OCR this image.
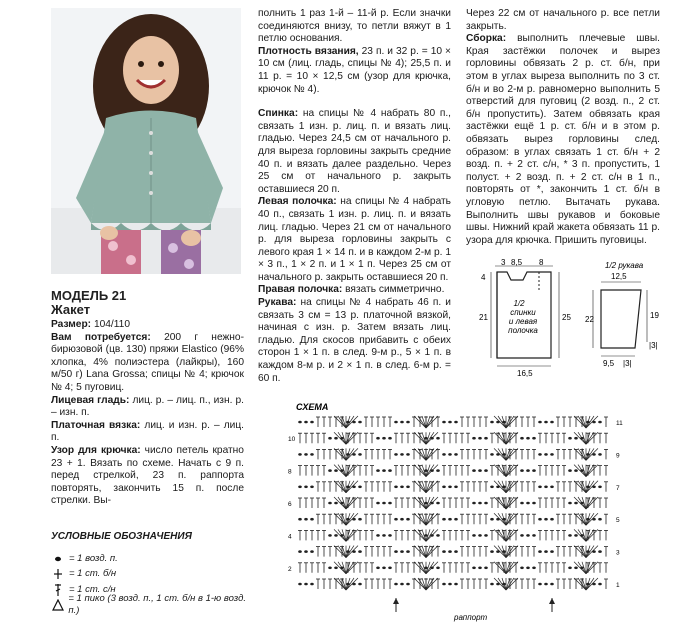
МОДЕЛЬ 21
Жакет

Размер: 104/110

Вам потребуется: 200 г нежно-бирюзовой (цв. 130) пряжи Elastico (96% хлопка, 4% полиэстера (лайкры), 160 м/50 г) Lana Grossa; спицы № 4; крючок № 4; 5 пуговиц.

Лицевая гладь: лиц. р. – лиц. п., изн. р. – изн. п.

Платочная вязка: лиц. и изн. р. – лиц. п.

Узор для крючка: число петель кратно 23 + 1. Вязать по схеме. Начать с 9 п. перед стрелкой, 23 п. раппорта повторять, закончить 15 п. после стрелки. Вы-

полнить 1 раз 1-й – 11-й р. Если значки соединяются внизу, то петли вяжут в 1 петлю основания.

Плотность вязания, 23 п. и 32 р. = 10 × 10 см (лиц. гладь, спицы № 4); 25,5 п. и 11 р. = 10 × 12,5 см (узор для крючка, крючок № 4).

Спинка: на спицы № 4 набрать 80 п., связать 1 изн. р. лиц. п. и вязать лиц. гладью. Через 24,5 см от начального р. для выреза горловины закрыть средние 40 п. и вязать далее раздельно. Через 25 см от начального р. закрыть оставшиеся 20 п.

Левая полочка: на спицы № 4 набрать 40 п., связать 1 изн. р. лиц. п. и вязать лиц. гладью. Через 21 см от начального р. для выреза горловины закрыть с левого края 1 × 14 п. и в каждом 2-м р. 1 × 3 п., 1 × 2 п. и 1 × 1 п. Через 25 см от начального р. закрыть оставшиеся 20 п.

Правая полочка: вязать симметрично.

Рукава: на спицы № 4 набрать 46 п. и связать 3 см = 13 р. платочной вязкой, начиная с изн. р. Затем вязать лиц. гладью. Для скосов прибавить с обеих сторон 1 × 1 п. в след. 9-м р., 5 × 1 п. в каждом 8-м р. и 2 × 1 п. в след. 6-м р. = 60 п.

Через 22 см от начального р. все петли закрыть.

Сборка: выполнить плечевые швы. Края застёжки полочек и вырез горловины обвязать 2 р. ст. б/н, при этом в углах выреза выполнить по 3 ст. б/н и во 2-м р. равномерно выполнить 5 отверстий для пуговиц (2 возд. п., 2 ст. б/н пропустить). Затем обвязать края застёжки ещё 1 р. ст. б/н и в этом р. обвязать вырез горловины след. образом: в углах связать 1 ст. б/н + 2 возд. п. + 2 ст. с/н, * 3 п. пропустить, 1 полуст. + 2 возд. п. + 2 ст. с/н в 1 п., повторять от *, закончить 1 ст. б/н в угловую петлю. Вытачать рукава. Выполнить швы рукавов и боковые швы. Нижний край жакета обвязать 11 р. узора для крючка. Пришить пуговицы.

3 8,5 8
4
21	25
16,5
1/2
спинки
и левая
полочка
1/2 рукава
12,5
22	19
|3|
9,5 |3|
СХЕМА
11
10
9
8
7
6
5
4
3
2
1
раппорт
УСЛОВНЫЕ ОБОЗНАЧЕНИЯ
= 1 возд. п.
= 1 ст. б/н
= 1 ст. с/н
= 1 пико (3 возд. п., 1 ст. б/н в 1-ю возд. п.)
